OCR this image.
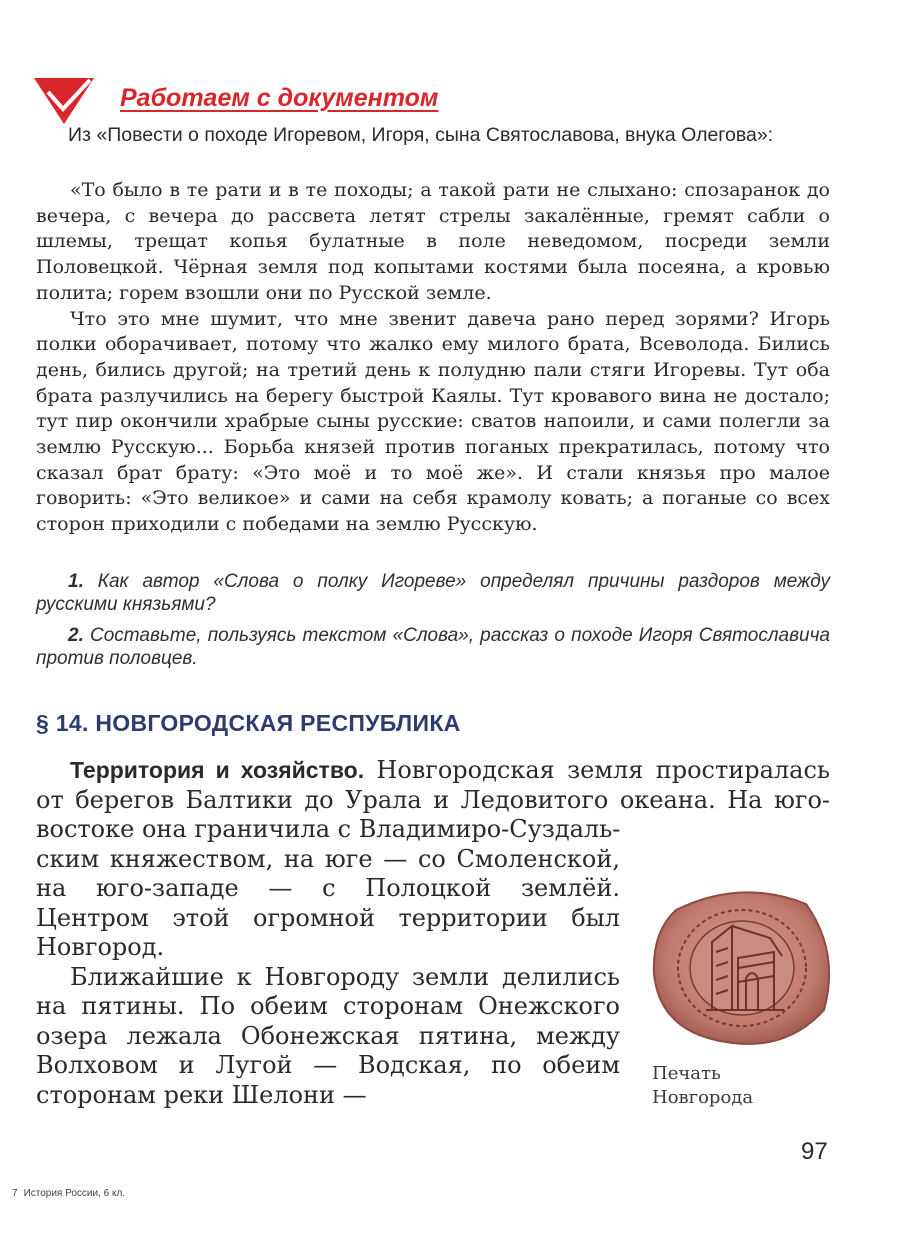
Работаем с документом
Из «Повести о походе Игоревом, Игоря, сына Святославова, внука Олегова»:

«То было в те рати и в те походы; а такой рати не слыхано: спозаранок до вечера, с вечера до рассвета летят стрелы закалённые, гремят сабли о шлемы, трещат копья булатные в поле неведомом, посреди земли Половецкой. Чёрная земля под копытами костями была посеяна, а кровью полита; горем взошли они по Русской земле.

Что это мне шумит, что мне звенит давеча рано перед зорями? Игорь полки оборачивает, потому что жалко ему милого брата, Всеволода. Бились день, бились другой; на третий день к полудню пали стяги Игоревы. Тут оба брата разлучились на берегу быстрой Каялы. Тут кровавого вина не достало; тут пир окончили храбрые сыны русские: сватов напоили, и сами полегли за землю Русскую... Борьба князей против поганых прекратилась, потому что сказал брат брату: «Это моё и то моё же». И стали князья про малое говорить: «Это великое» и сами на себя крамолу ковать; а поганые со всех сторон приходили с победами на землю Русскую.

1. Как автор «Слова о полку Игореве» определял причины раздоров между русскими князьями?

2. Составьте, пользуясь текстом «Слова», рассказ о походе Игоря Святославича против половцев.

§ 14. НОВГОРОДСКАЯ РЕСПУБЛИКА

Территория и хозяйство. Новгородская земля простиралась от берегов Балтики до Урала и Ледовитого океана. На юго-востоке она граничила с Владимиро-Суздаль-

ским княжеством, на юге — со Смоленской, на юго-западе — с Полоцкой землёй. Центром этой огромной территории был Новгород.

Ближайшие к Новгороду земли делились на пятины. По обеим сторонам Онежского озера лежала Обонежская пятина, между Волховом и Лугой — Водская, по обеим сторонам реки Шелони —

Печать
Новгорода
97
7 История России, 6 кл.
